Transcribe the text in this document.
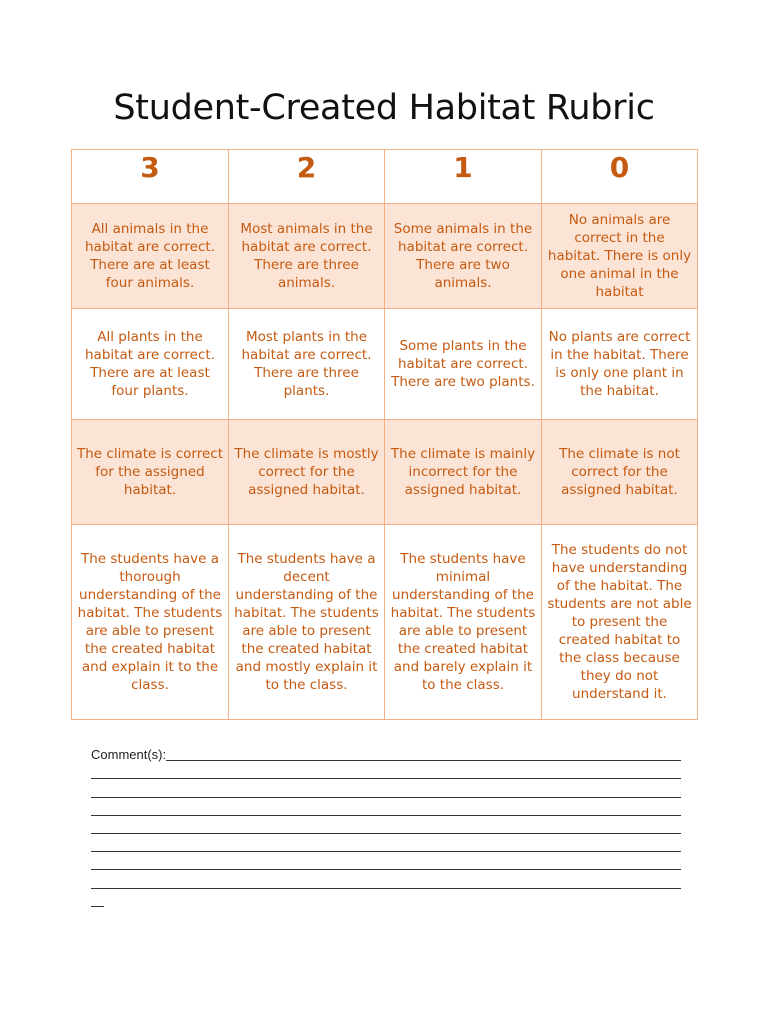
Student-Created Habitat Rubric
3	2	1	0
All animals in the habitat are correct. There are at least four animals.	Most animals in the habitat are correct. There are three animals.	Some animals in the habitat are correct. There are two animals.	No animals are correct in the habitat. There is only one animal in the habitat
All plants in the habitat are correct. There are at least four plants.	Most plants in the habitat are correct. There are three plants.	Some plants in the habitat are correct. There are two plants.	No plants are correct in the habitat. There is only one plant in the habitat.
The climate is correct for the assigned habitat.	The climate is mostly correct for the assigned habitat.	The climate is mainly incorrect for the assigned habitat.	The climate is not correct for the assigned habitat.
The students have a thorough understanding of the habitat. The students are able to present the created habitat and explain it to the class.	The students have a decent understanding of the habitat. The students are able to present the created habitat and mostly explain it to the class.	The students have minimal understanding of the habitat. The students are able to present the created habitat and barely explain it to the class.	The students do not have understanding of the habitat. The students are not able to present the created habitat to the class because they do not understand it.
Comment(s):
